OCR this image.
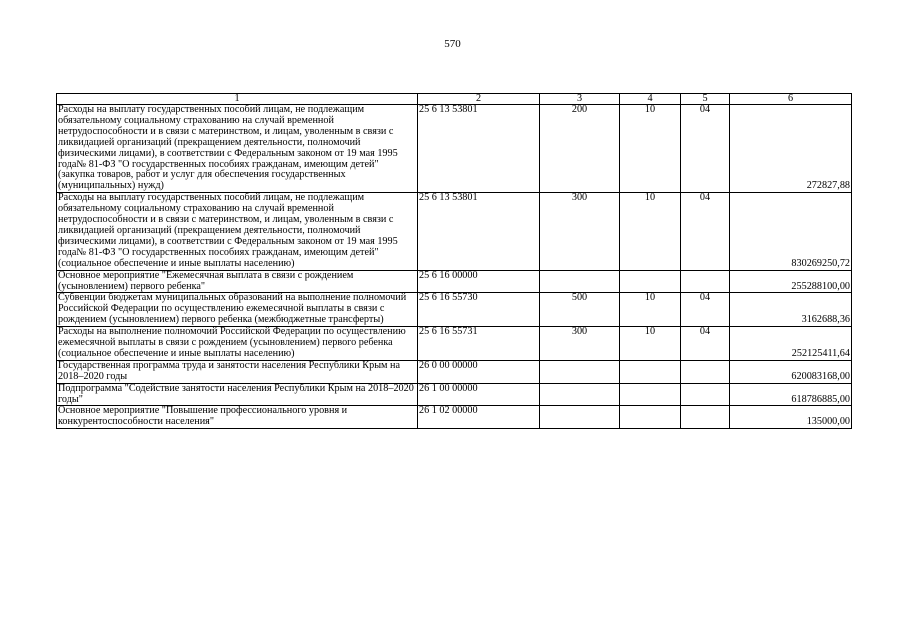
570
1	2	3	4	5	6
Расходы на выплату государственных пособий лицам, не подлежащим обязательному социальному страхованию на случай временной нетрудоспособности и в связи с материнством, и лицам, уволенным в связи с ликвидацией организаций (прекращением деятельности, полномочий физическими лицами), в соответствии с Федеральным законом от 19 мая 1995 года№ 81-ФЗ "О государственных пособиях гражданам, имеющим детей" (закупка товаров, работ и услуг для обеспечения государственных (муниципальных) нужд)	25 6 13 53801	200	10	04	272827,88
Расходы на выплату государственных пособий лицам, не подлежащим обязательному социальному страхованию на случай временной нетрудоспособности и в связи с материнством, и лицам, уволенным в связи с ликвидацией организаций (прекращением деятельности, полномочий физическими лицами), в соответствии с Федеральным законом от 19 мая 1995 года№ 81-ФЗ "О государственных пособиях гражданам, имеющим детей" (социальное обеспечение и иные выплаты населению)	25 6 13 53801	300	10	04	830269250,72
Основное мероприятие "Ежемесячная выплата в связи с рождением (усыновлением) первого ребенка"	25 6 16 00000				255288100,00
Субвенции бюджетам муниципальных образований на выполнение полномочий Российской Федерации по осуществлению ежемесячной выплаты в связи с рождением (усыновлением) первого ребенка (межбюджетные трансферты)	25 6 16 55730	500	10	04	3162688,36
Расходы на выполнение полномочий Российской Федерации по осуществлению ежемесячной выплаты в связи с рождением (усыновлением) первого ребенка (социальное обеспечение и иные выплаты населению)	25 6 16 55731	300	10	04	252125411,64
Государственная программа труда и занятости населения Республики Крым на 2018–2020 годы	26 0 00 00000				620083168,00
Подпрограмма "Содействие занятости населения Республики Крым на 2018–2020 годы"	26 1 00 00000				618786885,00
Основное мероприятие "Повышение профессионального уровня и конкурентоспособности населения"	26 1 02 00000				135000,00
